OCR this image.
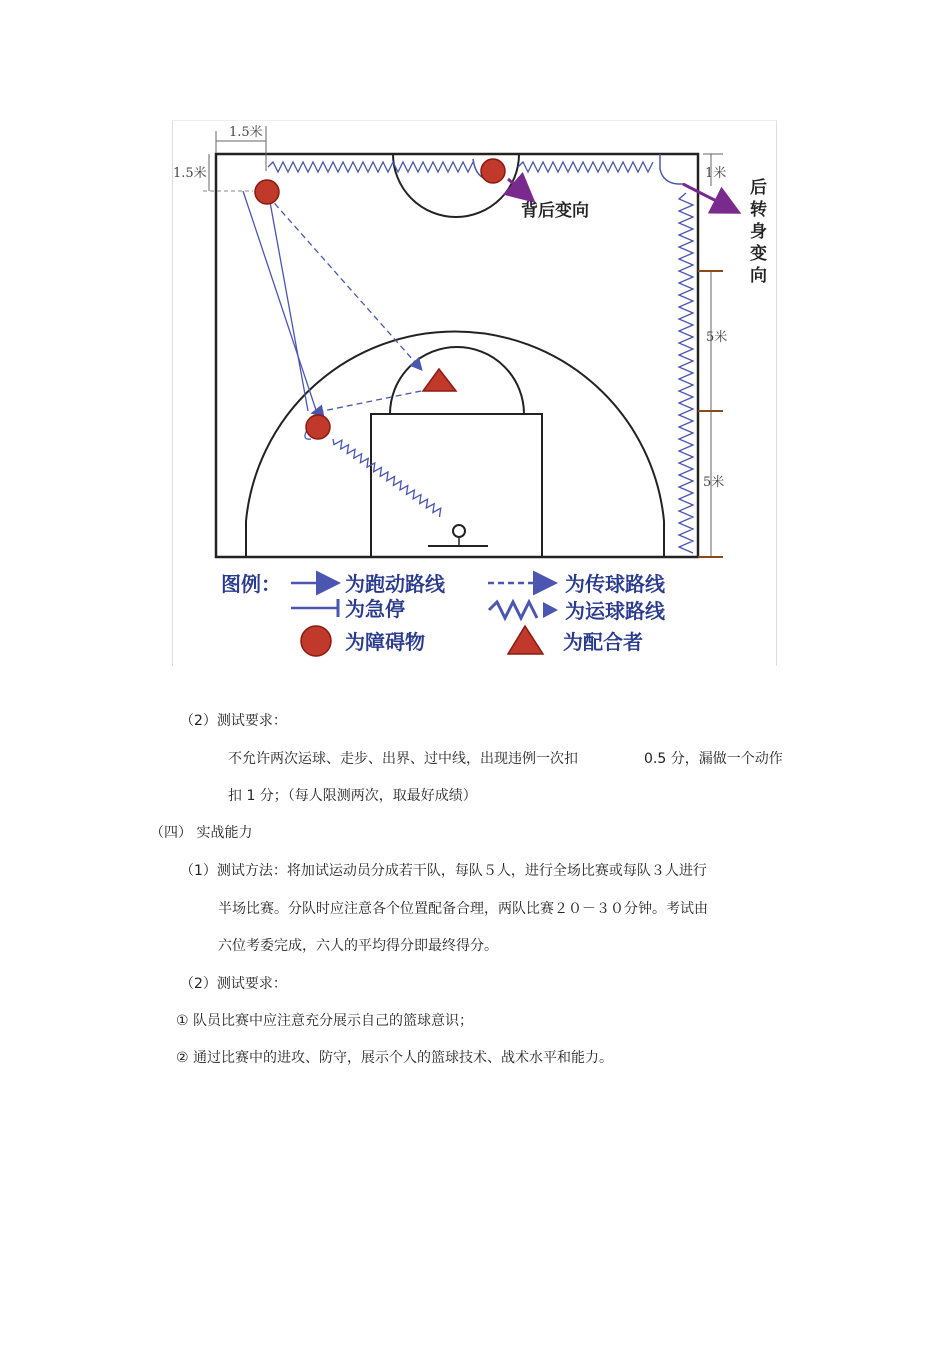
1.5米
1.5米	1米
5米
5米
背后变向
后
转
身
变
向
图例：	为跑动路线	为传球路线
为急停	为运球路线
为障碍物	为配合者
（2）测试要求：
不允许两次运球、走步、出界、过中线，出现违例一次扣	0.5 分，漏做一个动作
扣 1 分；（每人限测两次，取最好成绩）
（四） 实战能力
（1）测试方法：将加试运动员分成若干队，每队５人，进行全场比赛或每队３人进行
半场比赛。分队时应注意各个位置配备合理，两队比赛２０－３０分钟。考试由
六位考委完成，六人的平均得分即最终得分。
（2）测试要求：
① 队员比赛中应注意充分展示自己的篮球意识；
② 通过比赛中的进攻、防守，展示个人的篮球技术、战术水平和能力。
